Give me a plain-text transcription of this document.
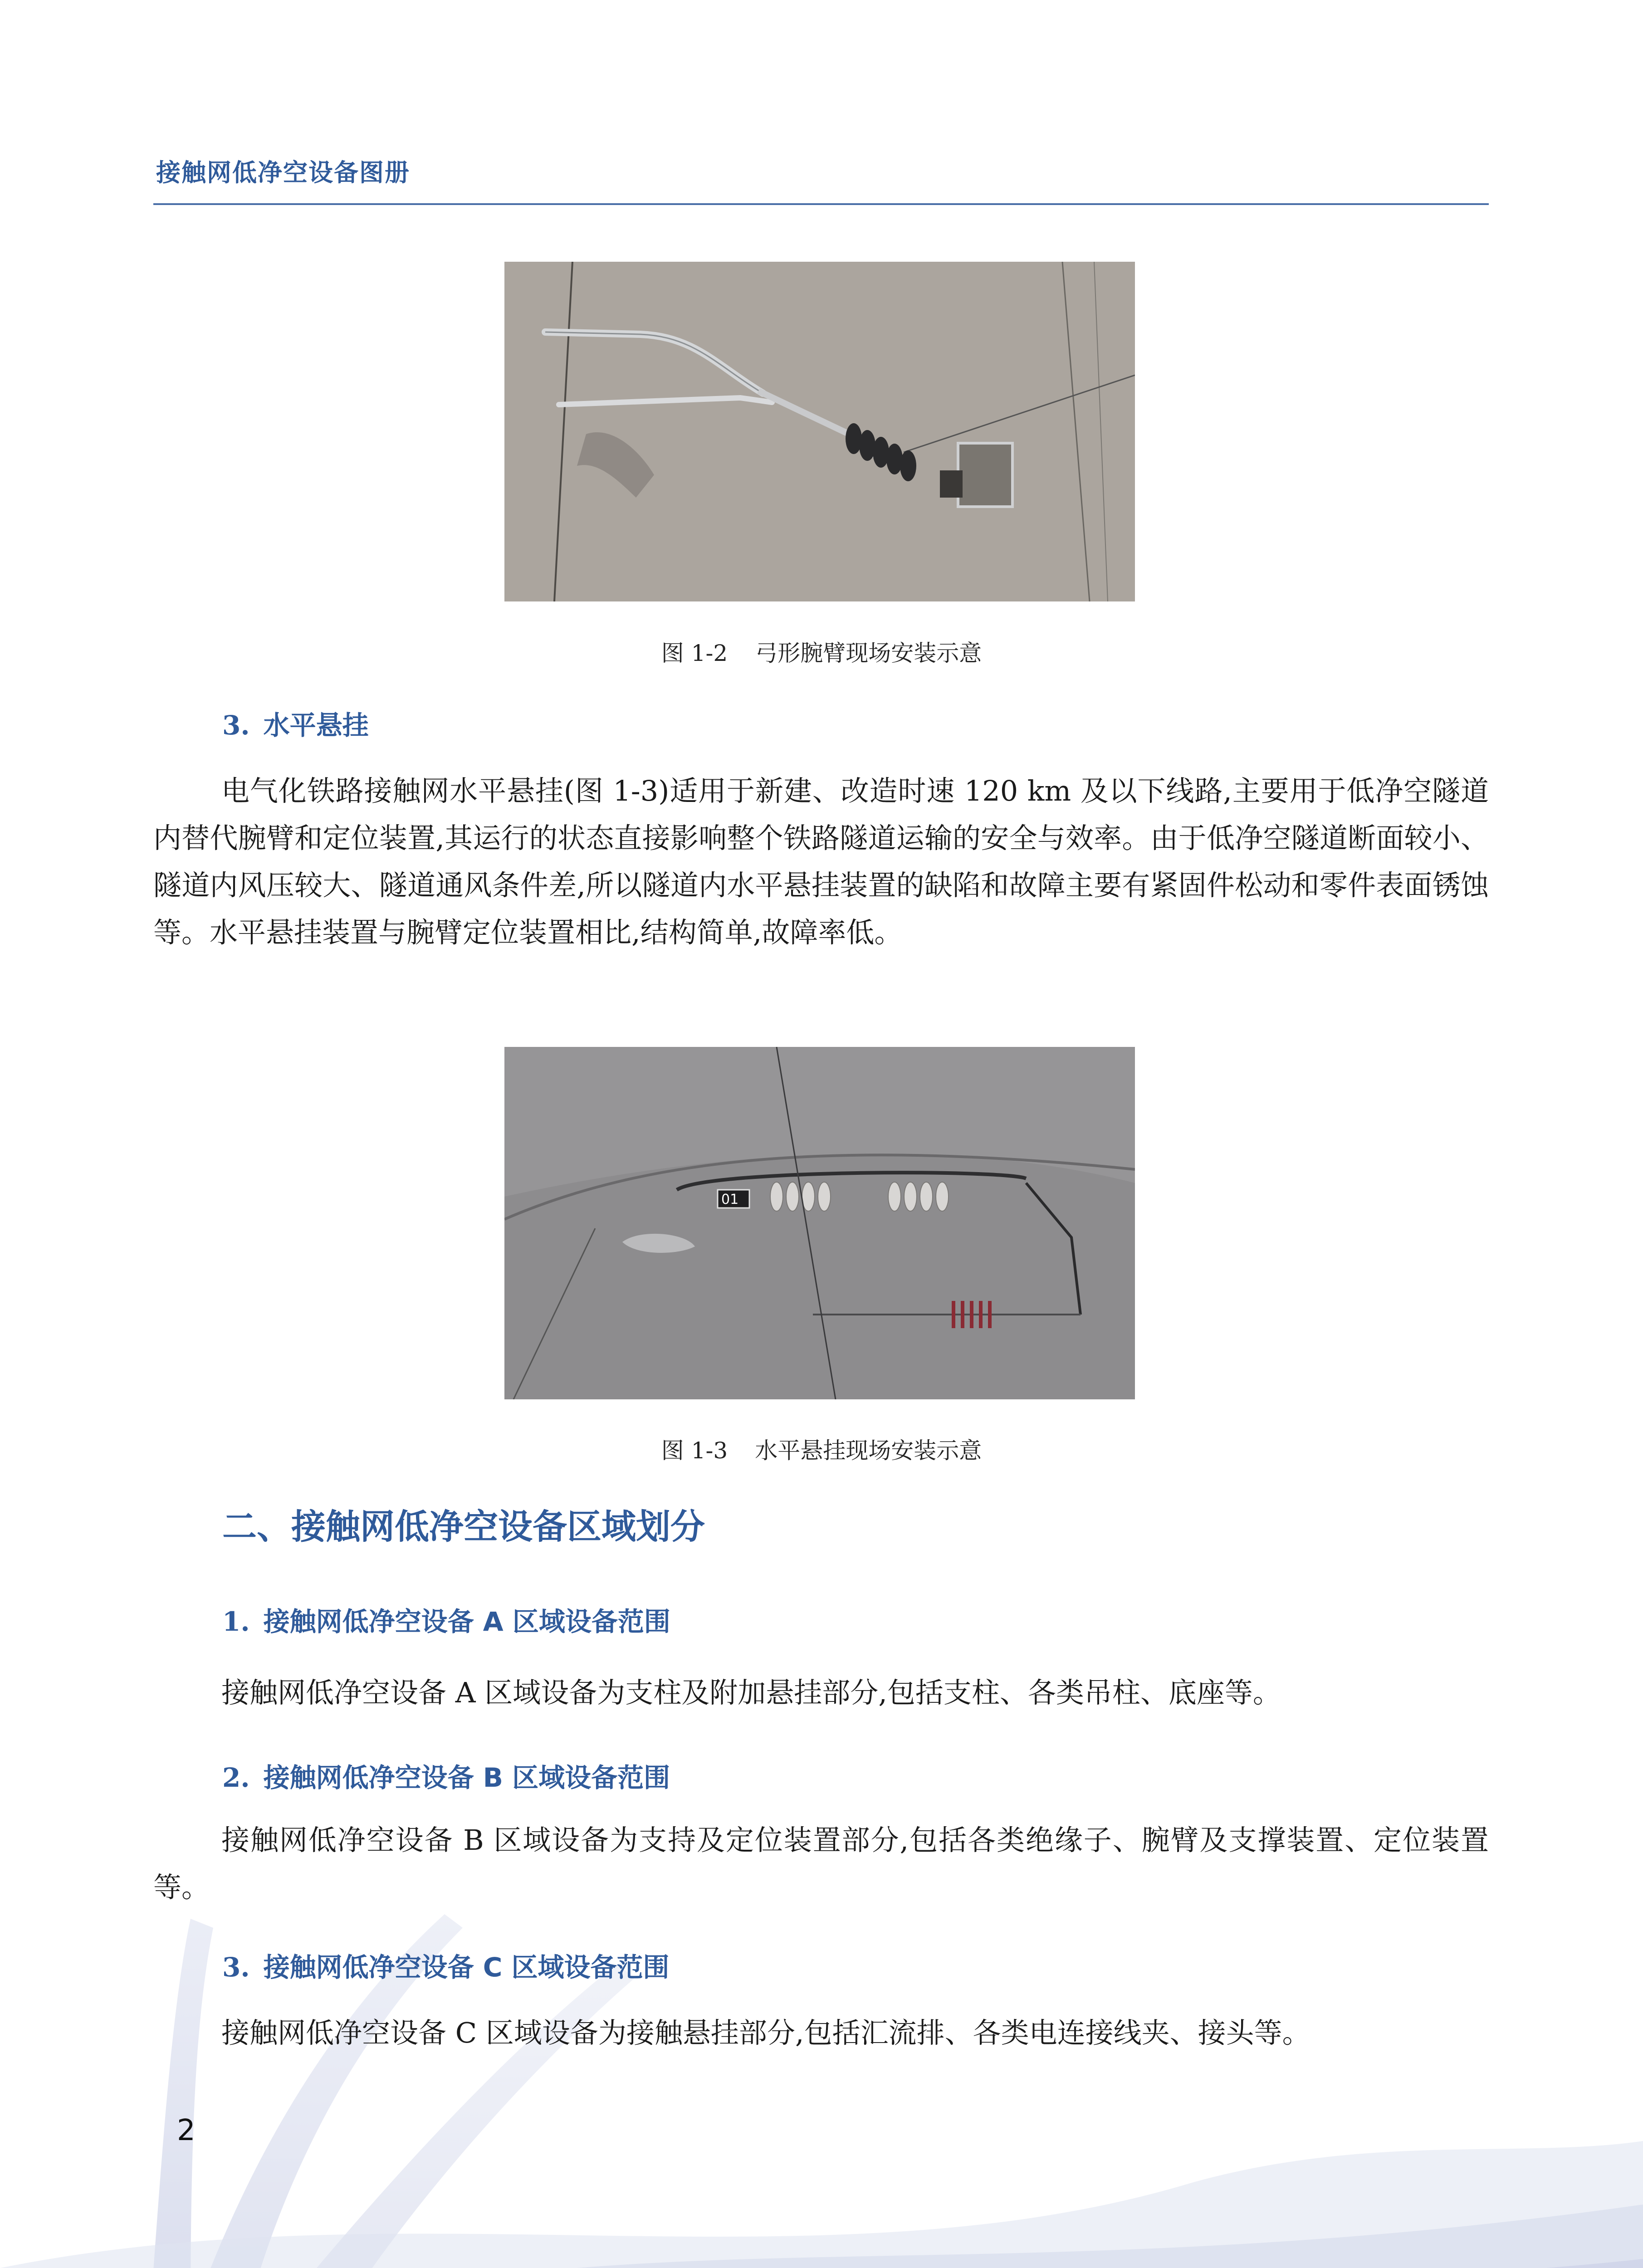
接触网低净空设备图册
图 1-2 弓形腕臂现场安装示意
3. 水平悬挂
电气化铁路接触网水平悬挂(图 1-3)适用于新建、改造时速 120 km 及以下线路,主要用于低净空隧道内替代腕臂和定位装置,其运行的状态直接影响整个铁路隧道运输的安全与效率。由于低净空隧道断面较小、隧道内风压较大、隧道通风条件差,所以隧道内水平悬挂装置的缺陷和故障主要有紧固件松动和零件表面锈蚀等。水平悬挂装置与腕臂定位装置相比,结构简单,故障率低。
01
图 1-3 水平悬挂现场安装示意
二、接触网低净空设备区域划分
1. 接触网低净空设备 A 区域设备范围
接触网低净空设备 A 区域设备为支柱及附加悬挂部分,包括支柱、各类吊柱、底座等。
2. 接触网低净空设备 B 区域设备范围
接触网低净空设备 B 区域设备为支持及定位装置部分,包括各类绝缘子、腕臂及支撑装置、定位装置等。
3. 接触网低净空设备 C 区域设备范围
接触网低净空设备 C 区域设备为接触悬挂部分,包括汇流排、各类电连接线夹、接头等。
2
